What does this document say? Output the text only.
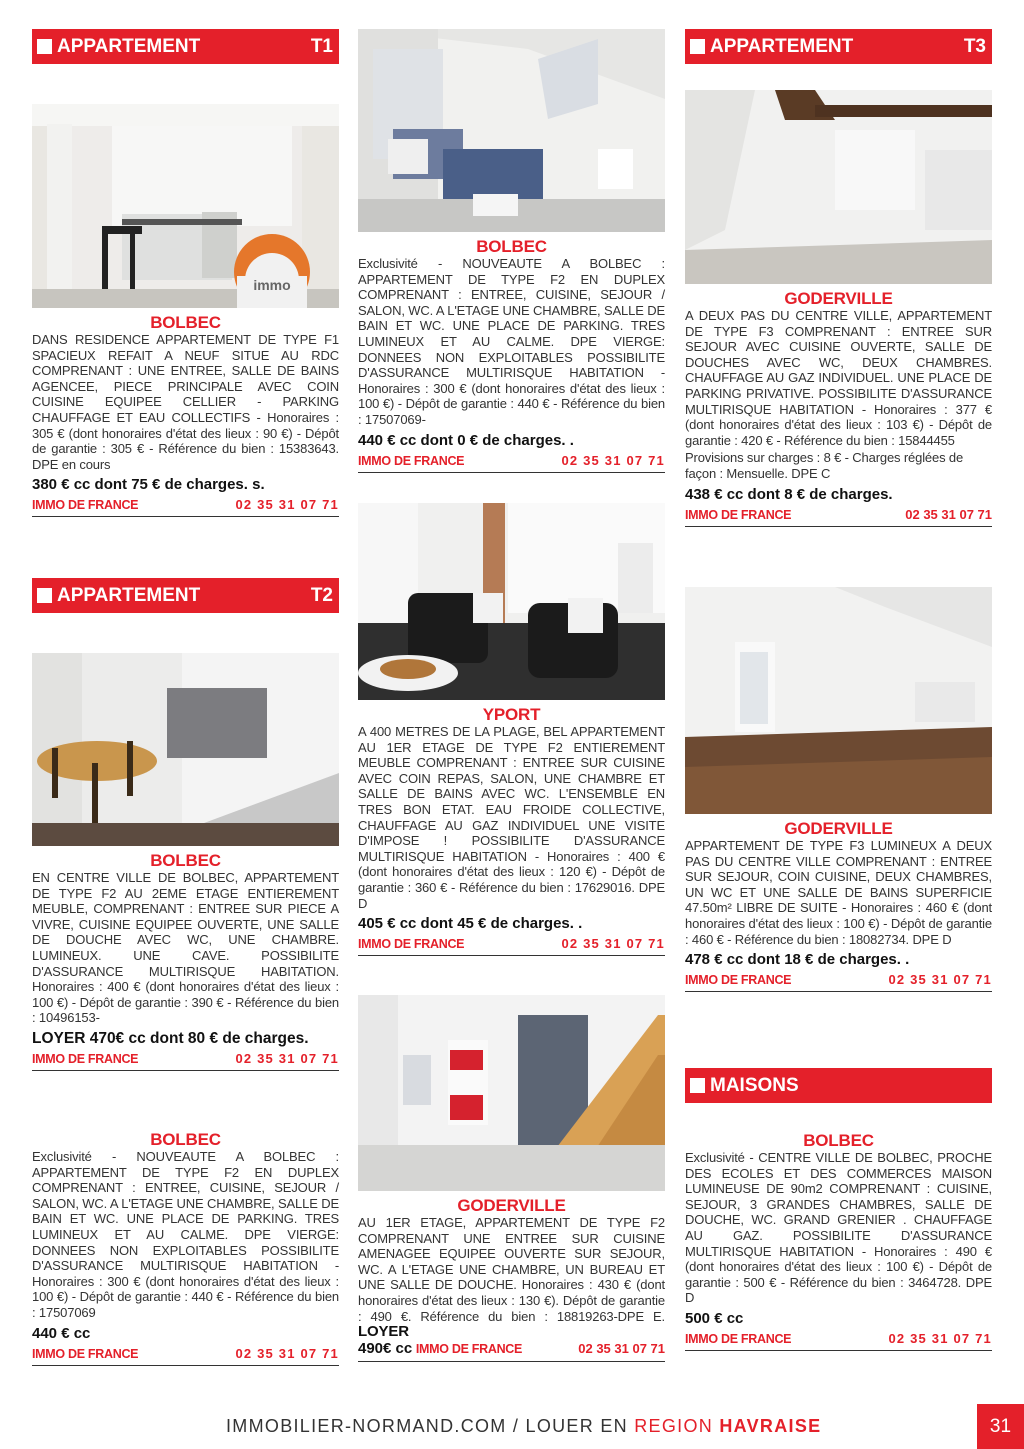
APPARTEMENT	T1
immo
BOLBEC

DANS RESIDENCE APPARTEMENT DE TYPE F1 SPACIEUX REFAIT A NEUF SITUE AU RDC COMPRENANT : UNE ENTREE, SALLE DE BAINS AGENCEE, PIECE PRINCIPALE AVEC COIN CUISINE EQUIPEE CELLIER - PARKING CHAUFFAGE ET EAU COLLECTIFS - Honoraires : 305 € (dont honoraires d'état des lieux : 90 €) - Dépôt de garantie : 305 € - Référence du bien : 15383643. DPE en cours

380 € cc dont 75 € de charges. s.
IMMO DE FRANCE	02 35 31 07 71
APPARTEMENT	T2
BOLBEC

EN CENTRE VILLE DE BOLBEC, APPARTEMENT DE TYPE F2 AU 2EME ETAGE ENTIEREMENT MEUBLE, COMPRENANT : ENTREE SUR PIECE A VIVRE, CUISINE EQUIPEE OUVERTE, UNE SALLE DE DOUCHE AVEC WC, UNE CHAMBRE. LUMINEUX. UNE CAVE. POSSIBILITE D'ASSURANCE MULTIRISQUE HABITATION. Honoraires : 400 € (dont honoraires d'état des lieux : 100 €) - Dépôt de garantie : 390 € - Référence du bien : 10496153-

LOYER 470€ cc dont 80 € de charges.
IMMO DE FRANCE	02 35 31 07 71
BOLBEC

Exclusivité - NOUVEAUTE A BOLBEC : APPARTEMENT DE TYPE F2 EN DUPLEX COMPRENANT : ENTREE, CUISINE, SEJOUR / SALON, WC. A L'ETAGE UNE CHAMBRE, SALLE DE BAIN ET WC. UNE PLACE DE PARKING. TRES LUMINEUX ET AU CALME. DPE VIERGE: DONNEES NON EXPLOITABLES POSSIBILITE D'ASSURANCE MULTIRISQUE HABITATION - Honoraires : 300 € (dont honoraires d'état des lieux : 100 €) - Dépôt de garantie : 440 € - Référence du bien : 17507069

440 € cc
IMMO DE FRANCE	02 35 31 07 71
BOLBEC

Exclusivité - NOUVEAUTE A BOLBEC : APPARTEMENT DE TYPE F2 EN DUPLEX COMPRENANT : ENTREE, CUISINE, SEJOUR / SALON, WC. A L'ETAGE UNE CHAMBRE, SALLE DE BAIN ET WC. UNE PLACE DE PARKING. TRES LUMINEUX ET AU CALME. DPE VIERGE: DONNEES NON EXPLOITABLES POSSIBILITE D'ASSURANCE MULTIRISQUE HABITATION - Honoraires : 300 € (dont honoraires d'état des lieux : 100 €) - Dépôt de garantie : 440 € - Référence du bien : 17507069-

440 € cc dont 0 € de charges. .
IMMO DE FRANCE	02 35 31 07 71
YPORT

A 400 METRES DE LA PLAGE, BEL APPARTEMENT AU 1ER ETAGE DE TYPE F2 ENTIEREMENT MEUBLE COMPRENANT : ENTREE SUR CUISINE AVEC COIN REPAS, SALON, UNE CHAMBRE ET SALLE DE BAINS AVEC WC. L'ENSEMBLE EN TRES BON ETAT. EAU FROIDE COLLECTIVE, CHAUFFAGE AU GAZ INDIVIDUEL UNE VISITE D'IMPOSE ! POSSIBILITE D'ASSURANCE MULTIRISQUE HABITATION - Honoraires : 400 € (dont honoraires d'état des lieux : 120 €) - Dépôt de garantie : 360 € - Référence du bien : 17629016. DPE D

405 € cc dont 45 € de charges. .
IMMO DE FRANCE	02 35 31 07 71
GODERVILLE

AU 1ER ETAGE, APPARTEMENT DE TYPE F2 COMPRENANT UNE ENTREE SUR CUISINE AMENAGEE EQUIPEE OUVERTE SUR SEJOUR, WC. A L'ETAGE UNE CHAMBRE, UN BUREAU ET UNE SALLE DE DOUCHE. Honoraires : 430 € (dont honoraires d'état des lieux : 130 €). Dépôt de garantie : 490 €. Référence du bien : 18819263-DPE E. LOYER

490€ cc IMMO DE FRANCE	02 35 31 07 71
APPARTEMENT	T3
GODERVILLE

A DEUX PAS DU CENTRE VILLE, APPARTEMENT DE TYPE F3 COMPRENANT : ENTREE SUR SEJOUR AVEC CUISINE OUVERTE, SALLE DE DOUCHES AVEC WC, DEUX CHAMBRES. CHAUFFAGE AU GAZ INDIVIDUEL. UNE PLACE DE PARKING PRIVATIVE. POSSIBILITE D'ASSURANCE MULTIRISQUE HABITATION - Honoraires : 377 € (dont honoraires d'état des lieux : 103 €) - Dépôt de garantie : 420 € - Référence du bien : 15844455

Provisions sur charges : 8 € - Charges réglées de façon : Mensuelle. DPE C

438 € cc dont 8 € de charges.
IMMO DE FRANCE	02 35 31 07 71
GODERVILLE

APPARTEMENT DE TYPE F3 LUMINEUX A DEUX PAS DU CENTRE VILLE COMPRENANT : ENTREE SUR SEJOUR, COIN CUISINE, DEUX CHAMBRES, UN WC ET UNE SALLE DE BAINS SUPERFICIE 47.50m² LIBRE DE SUITE - Honoraires : 460 € (dont honoraires d'état des lieux : 100 €) - Dépôt de garantie : 460 € - Référence du bien : 18082734. DPE D

478 € cc dont 18 € de charges. .
IMMO DE FRANCE	02 35 31 07 71
MAISONS
BOLBEC

Exclusivité - CENTRE VILLE DE BOLBEC, PROCHE DES ECOLES ET DES COMMERCES MAISON LUMINEUSE DE 90m2 COMPRENANT : CUISINE, SEJOUR, 3 GRANDES CHAMBRES, SALLE DE DOUCHE, WC. GRAND GRENIER . CHAUFFAGE AU GAZ. POSSIBILITE D'ASSURANCE MULTIRISQUE HABITATION - Honoraires : 490 € (dont honoraires d'état des lieux : 100 €) - Dépôt de garantie : 500 € - Référence du bien : 3464728. DPE D

500 € cc
IMMO DE FRANCE	02 35 31 07 71
IMMOBILIER-NORMAND.COM / LOUER EN REGION HAVRAISE	31
